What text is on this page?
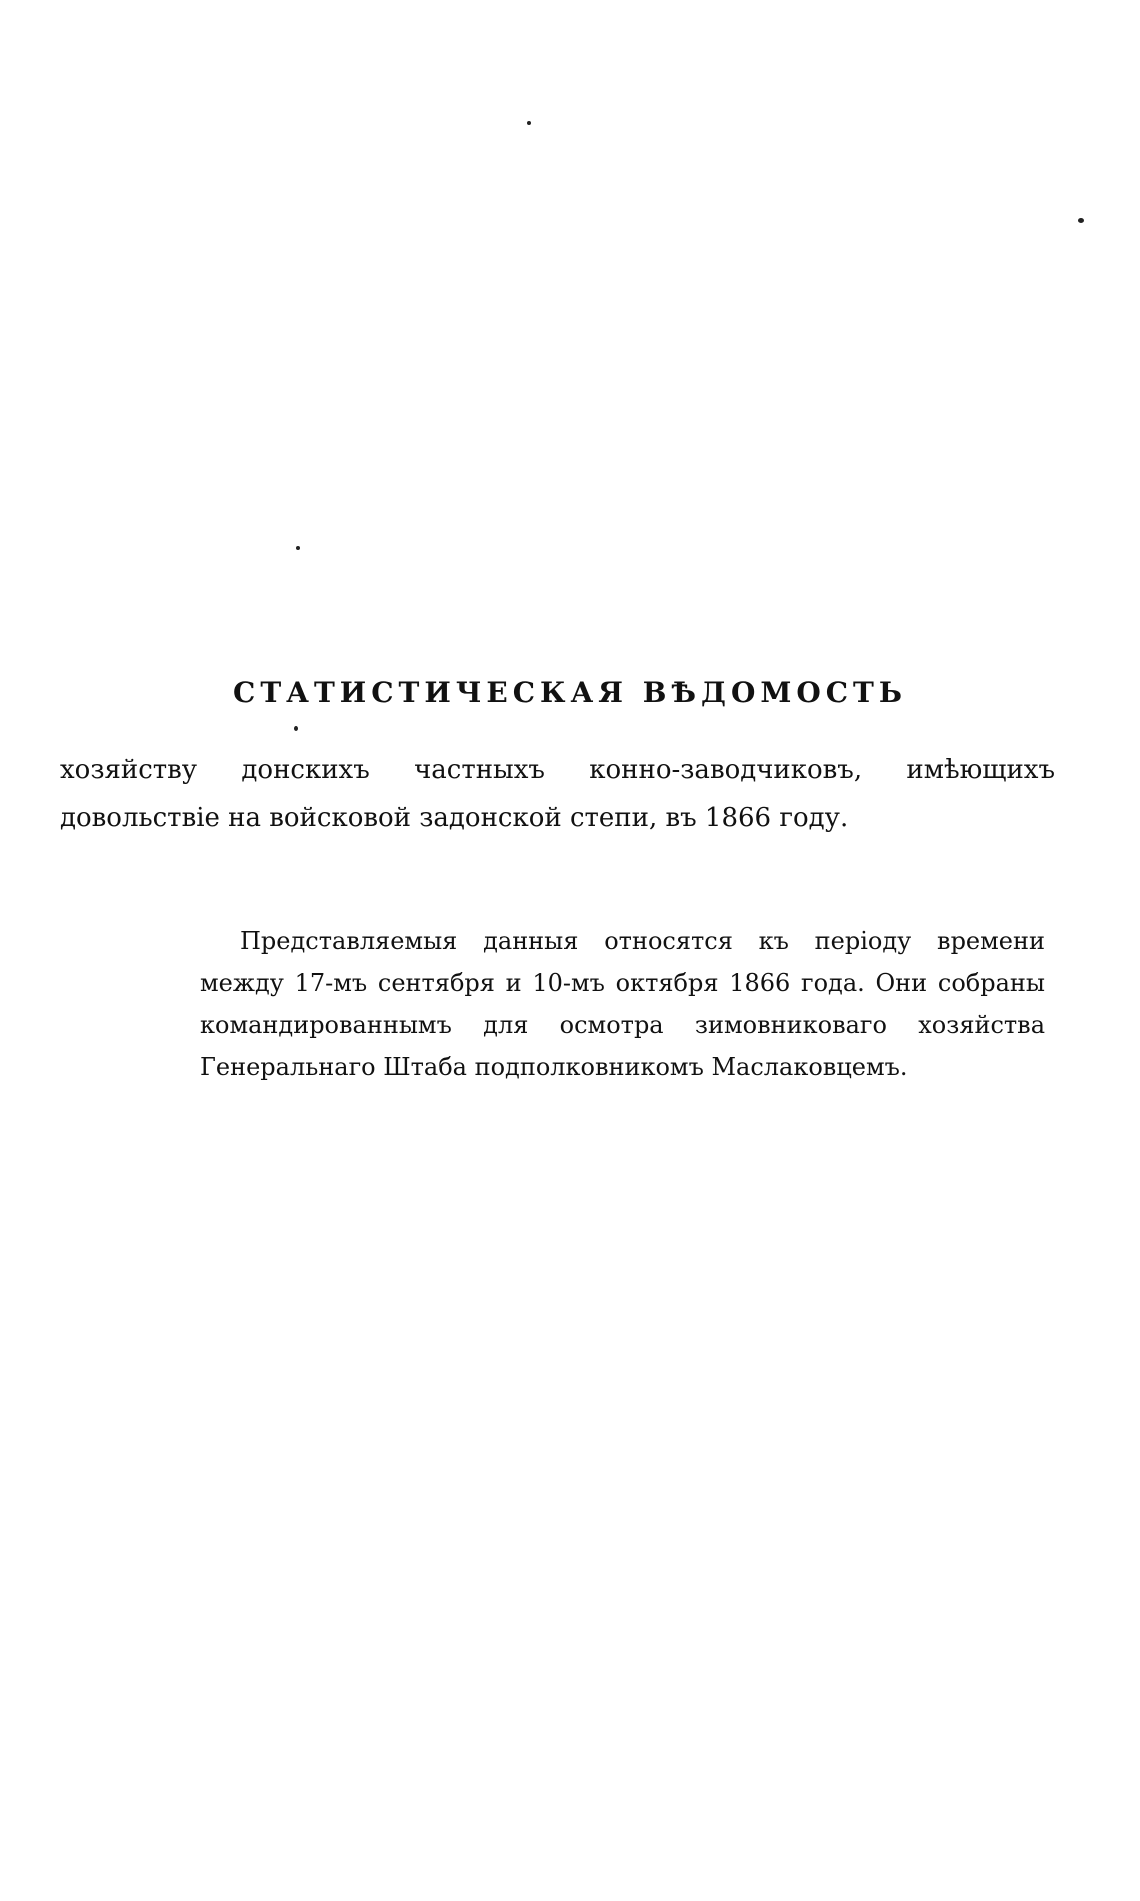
СТАТИСТИЧЕСКАЯ ВѢДОМОСТЬ
хозяйству донскихъ частныхъ конно-заводчиковъ, имѣющихъ довольствіе на войсковой задонской степи, въ 1866 году.
Представляемыя данныя относятся къ періоду времени между 17-мъ сентября и 10-мъ октября 1866 года. Они собраны командированнымъ для осмотра зимовниковаго хозяйства Генеральнаго Штаба подполковникомъ Маслаковцемъ.
